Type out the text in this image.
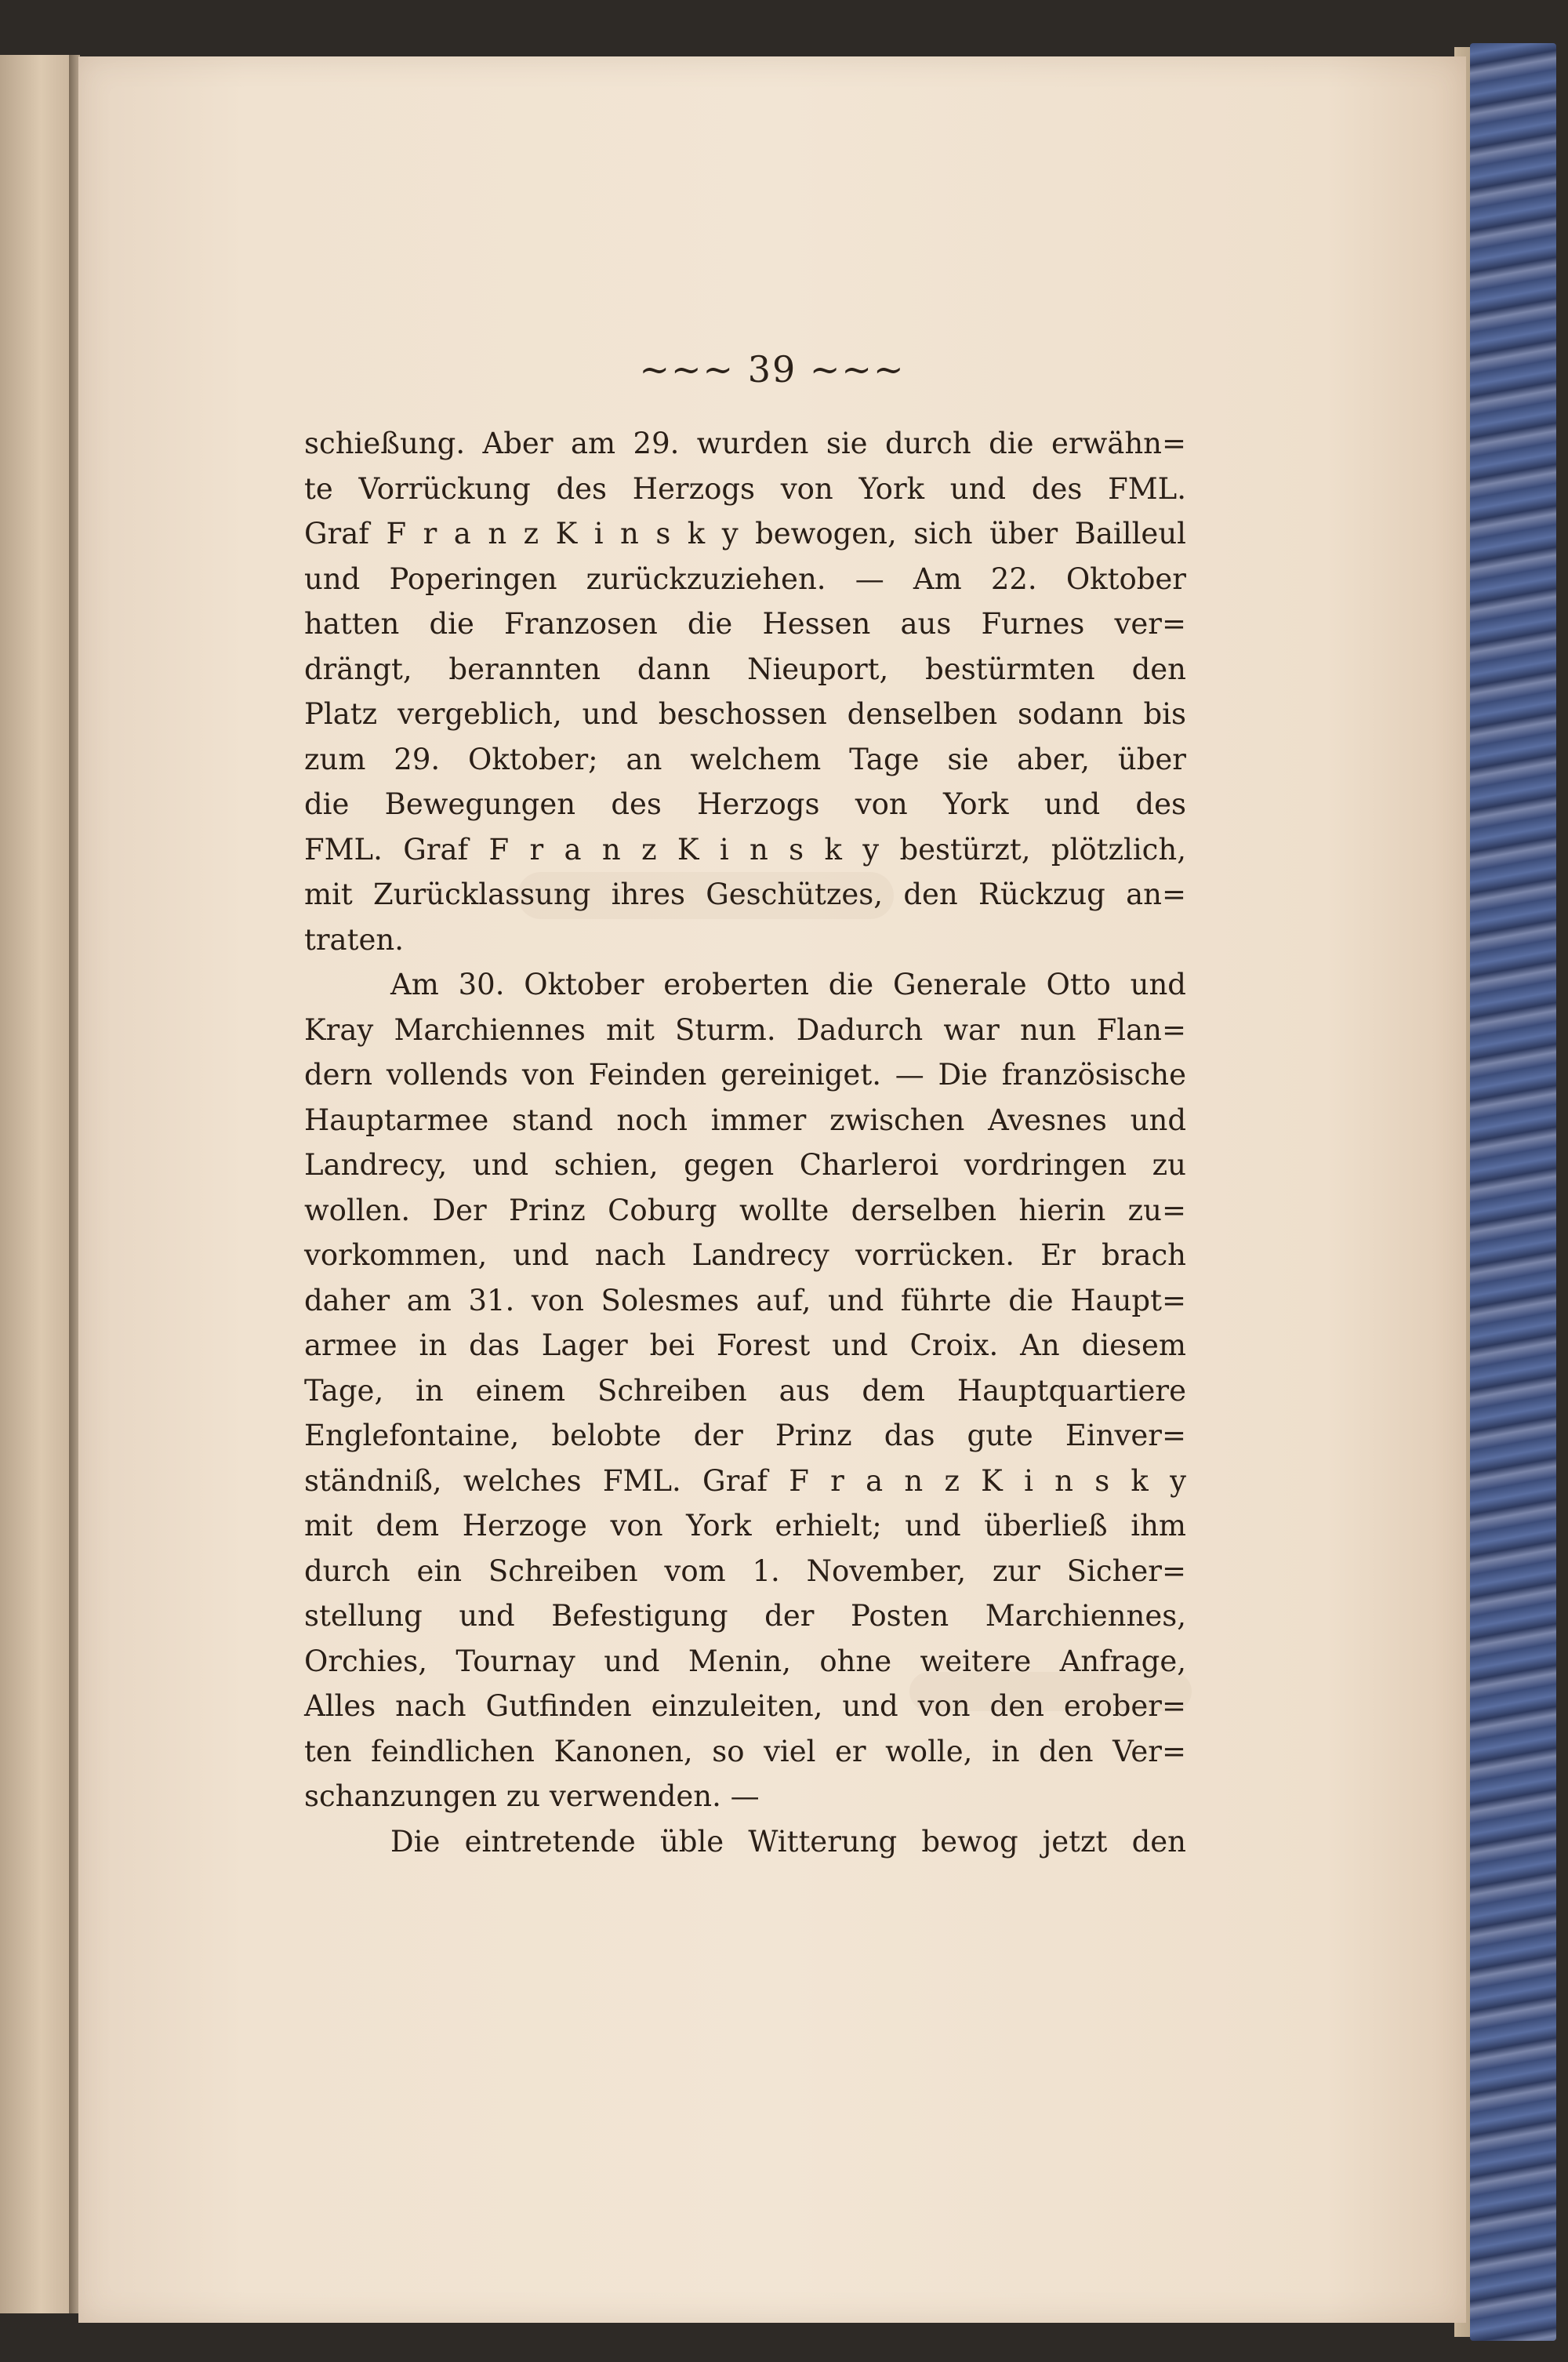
~~~ 39 ~~~
schießung. Aber am 29. wurden sie durch die erwähn=
te Vorrückung des Herzogs von York und des FML.
Graf F r a n z K i n s k y bewogen, sich über Bailleul
und Poperingen zurückzuziehen. — Am 22. Oktober
hatten die Franzosen die Hessen aus Furnes ver=
drängt, berannten dann Nieuport, bestürmten den
Platz vergeblich, und beschossen denselben sodann bis
zum 29. Oktober; an welchem Tage sie aber, über
die Bewegungen des Herzogs von York und des
FML. Graf F r a n z K i n s k y bestürzt, plötzlich,
mit Zurücklassung ihres Geschützes, den Rückzug an=
traten.
Am 30. Oktober eroberten die Generale Otto und
Kray Marchiennes mit Sturm. Dadurch war nun Flan=
dern vollends von Feinden gereiniget. — Die französische
Hauptarmee stand noch immer zwischen Avesnes und
Landrecy, und schien, gegen Charleroi vordringen zu
wollen. Der Prinz Coburg wollte derselben hierin zu=
vorkommen, und nach Landrecy vorrücken. Er brach
daher am 31. von Solesmes auf, und führte die Haupt=
armee in das Lager bei Forest und Croix. An diesem
Tage, in einem Schreiben aus dem Hauptquartiere
Englefontaine, belobte der Prinz das gute Einver=
ständniß, welches FML. Graf F r a n z K i n s k y
mit dem Herzoge von York erhielt; und überließ ihm
durch ein Schreiben vom 1. November, zur Sicher=
stellung und Befestigung der Posten Marchiennes,
Orchies, Tournay und Menin, ohne weitere Anfrage,
Alles nach Gutfinden einzuleiten, und von den erober=
ten feindlichen Kanonen, so viel er wolle, in den Ver=
schanzungen zu verwenden. —
Die eintretende üble Witterung bewog jetzt den
